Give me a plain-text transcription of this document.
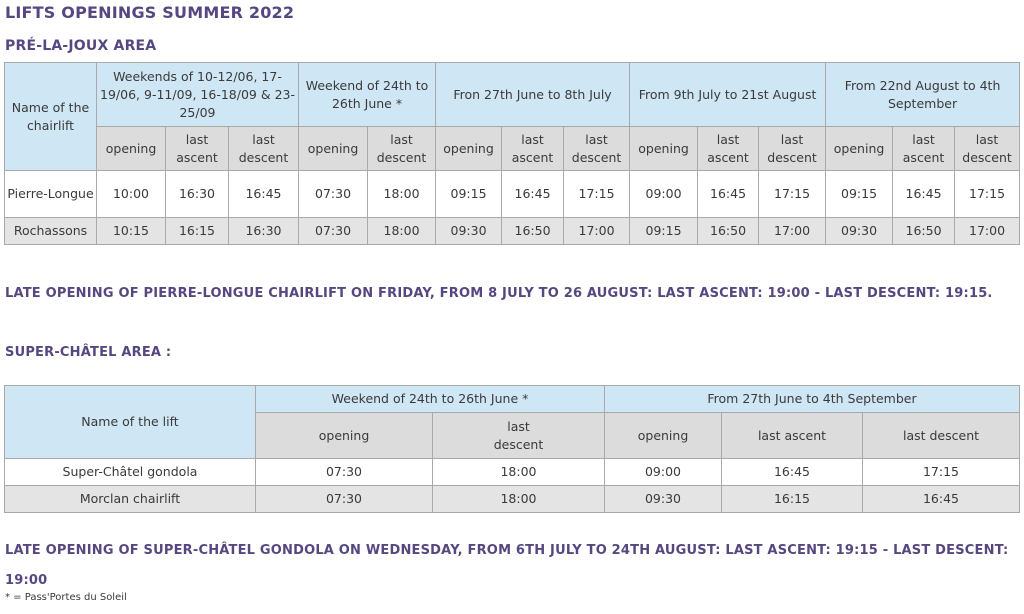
LIFTS OPENINGS SUMMER 2022
PRÉ-LA-JOUX AREA
Name of the chairlift	Weekends of 10-12/06, 17-19/06, 9-11/09, 16-18/09 & 23-25/09			Weekend of 24th to 26th June *		Fron 27th June to 8th July			From 9th July to 21st August			From 22nd August to 4th September		
	opening	last ascent	last descent	opening	last descent	opening	last ascent	last descent	opening	last ascent	last descent	opening	last ascent	last descent
Pierre-Longue	10:00	16:30	16:45	07:30	18:00	09:15	16:45	17:15	09:00	16:45	17:15	09:15	16:45	17:15
Rochassons	10:15	16:15	16:30	07:30	18:00	09:30	16:50	17:00	09:15	16:50	17:00	09:30	16:50	17:00
LATE OPENING OF PIERRE-LONGUE CHAIRLIFT ON FRIDAY, FROM 8 JULY TO 26 AUGUST: LAST ASCENT: 19:00 - LAST DESCENT: 19:15.
SUPER-CHÂTEL AREA :
Name of the lift	Weekend of 24th to 26th June *		From 27th June to 4th September		
	opening	last descent	opening	last ascent	last descent
Super-Châtel gondola	07:30	18:00	09:00	16:45	17:15
Morclan chairlift	07:30	18:00	09:30	16:15	16:45
LATE OPENING OF SUPER-CHÂTEL GONDOLA ON WEDNESDAY, FROM 6TH JULY TO 24TH AUGUST: LAST ASCENT: 19:15 - LAST DESCENT: 19:00
* = Pass'Portes du Soleil
